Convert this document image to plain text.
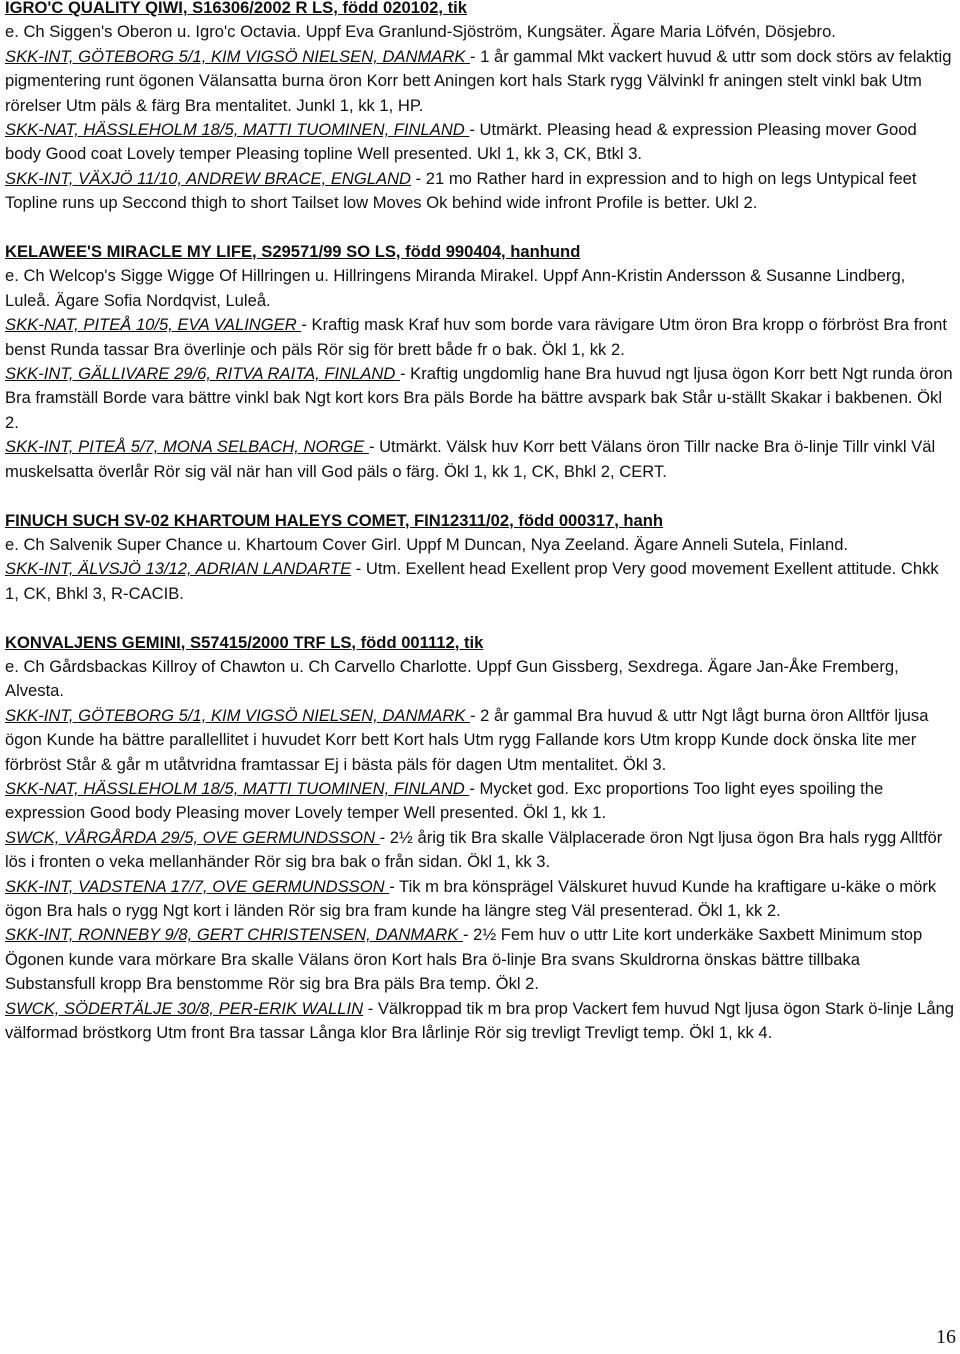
IGRO'C QUALITY QIWI, S16306/2002 R LS, född 020102, tik

e. Ch Siggen's Oberon u. Igro'c Octavia. Uppf Eva Granlund-Sjöström, Kungsäter. Ägare Maria Löfvén, Dösjebro.

SKK-INT, GÖTEBORG 5/1, KIM VIGSÖ NIELSEN, DANMARK - 1 år gammal Mkt vackert huvud & uttr som dock störs av felaktig pigmentering runt ögonen Välansatta burna öron Korr bett Aningen kort hals Stark rygg Välvinkl fr aningen stelt vinkl bak Utm rörelser Utm päls & färg Bra mentalitet. Junkl 1, kk 1, HP.

SKK-NAT, HÄSSLEHOLM 18/5, MATTI TUOMINEN, FINLAND - Utmärkt. Pleasing head & expression Pleasing mover Good body Good coat Lovely temper Pleasing topline Well presented. Ukl 1, kk 3, CK, Btkl 3.

SKK-INT, VÄXJÖ 11/10, ANDREW BRACE, ENGLAND - 21 mo Rather hard in expression and to high on legs Untypical feet Topline runs up Seccond thigh to short Tailset low Moves Ok behind wide infront Profile is better. Ukl 2.

KELAWEE'S MIRACLE MY LIFE, S29571/99 SO LS, född 990404, hanhund

e. Ch Welcop's Sigge Wigge Of Hillringen u. Hillringens Miranda Mirakel. Uppf Ann-Kristin Andersson & Susanne Lindberg, Luleå. Ägare Sofia Nordqvist, Luleå.

SKK-NAT, PITEÅ 10/5, EVA VALINGER - Kraftig mask Kraf huv som borde vara rävigare Utm öron Bra kropp o förbröst Bra front benst Runda tassar Bra överlinje och päls Rör sig för brett både fr o bak. Ökl 1, kk 2.

SKK-INT, GÄLLIVARE 29/6, RITVA RAITA, FINLAND - Kraftig ungdomlig hane Bra huvud ngt ljusa ögon Korr bett Ngt runda öron Bra framställ Borde vara bättre vinkl bak Ngt kort kors Bra päls Borde ha bättre avspark bak Står u-ställt Skakar i bakbenen. Ökl 2.

SKK-INT, PITEÅ 5/7, MONA SELBACH, NORGE - Utmärkt. Välsk huv Korr bett Välans öron Tillr nacke Bra ö-linje Tillr vinkl Väl muskelsatta överlår Rör sig väl när han vill God päls o färg. Ökl 1, kk 1, CK, Bhkl 2, CERT.

FINUCH SUCH SV-02 KHARTOUM HALEYS COMET, FIN12311/02, född 000317, hanh

e. Ch Salvenik Super Chance u. Khartoum Cover Girl. Uppf M Duncan, Nya Zeeland. Ägare Anneli Sutela, Finland.

SKK-INT, ÄLVSJÖ 13/12, ADRIAN LANDARTE - Utm. Exellent head Exellent prop Very good movement Exellent attitude. Chkk 1, CK, Bhkl 3, R-CACIB.

KONVALJENS GEMINI, S57415/2000 TRF LS, född 001112, tik

e. Ch Gårdsbackas Killroy of Chawton u. Ch Carvello Charlotte. Uppf Gun Gissberg, Sexdrega. Ägare Jan-Åke Fremberg, Alvesta.

SKK-INT, GÖTEBORG 5/1, KIM VIGSÖ NIELSEN, DANMARK - 2 år gammal Bra huvud & uttr Ngt lågt burna öron Alltför ljusa ögon Kunde ha bättre parallellitet i huvudet Korr bett Kort hals Utm rygg Fallande kors Utm kropp Kunde dock önska lite mer förbröst Står & går m utåtvridna framtassar Ej i bästa päls för dagen Utm mentalitet. Ökl 3.

SKK-NAT, HÄSSLEHOLM 18/5, MATTI TUOMINEN, FINLAND - Mycket god. Exc proportions Too light eyes spoiling the expression Good body Pleasing mover Lovely temper Well presented. Ökl 1, kk 1.

SWCK, VÅRGÅRDA 29/5, OVE GERMUNDSSON - 2½ årig tik Bra skalle Välplacerade öron Ngt ljusa ögon Bra hals rygg Alltför lös i fronten o veka mellanhänder Rör sig bra bak o från sidan. Ökl 1, kk 3.

SKK-INT, VADSTENA 17/7, OVE GERMUNDSSON - Tik m bra könsprägel Välskuret huvud Kunde ha kraftigare u-käke o mörk ögon Bra hals o rygg Ngt kort i länden Rör sig bra fram kunde ha längre steg Väl presenterad. Ökl 1, kk 2.

SKK-INT, RONNEBY 9/8, GERT CHRISTENSEN, DANMARK - 2½ Fem huv o uttr Lite kort underkäke Saxbett Minimum stop Ögonen kunde vara mörkare Bra skalle Välans öron Kort hals Bra ö-linje Bra svans Skuldrorna önskas bättre tillbaka Substansfull kropp Bra benstomme Rör sig bra Bra päls Bra temp. Ökl 2.

SWCK, SÖDERTÄLJE 30/8, PER-ERIK WALLIN - Välkroppad tik m bra prop Vackert fem huvud Ngt ljusa ögon Stark ö-linje Lång välformad bröstkorg Utm front Bra tassar Långa klor Bra lårlinje Rör sig trevligt Trevligt temp. Ökl 1, kk 4.

16
